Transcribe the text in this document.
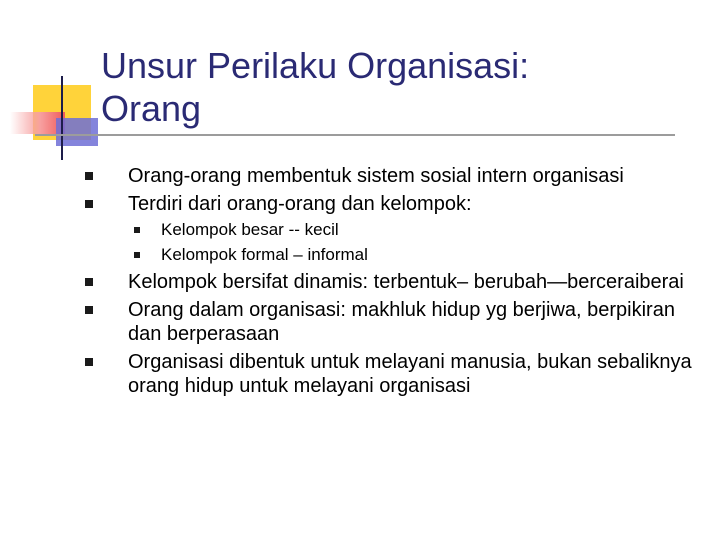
Unsur Perilaku Organisasi:
Orang
Orang-orang membentuk sistem sosial intern organisasi
Terdiri dari orang-orang dan kelompok:
Kelompok besar -- kecil
Kelompok formal – informal
Kelompok bersifat dinamis: terbentuk– berubah—berceraiberai
Orang dalam organisasi: makhluk hidup yg berjiwa, berpikiran dan berperasaan
Organisasi dibentuk untuk melayani manusia, bukan sebaliknya orang hidup untuk melayani organisasi
